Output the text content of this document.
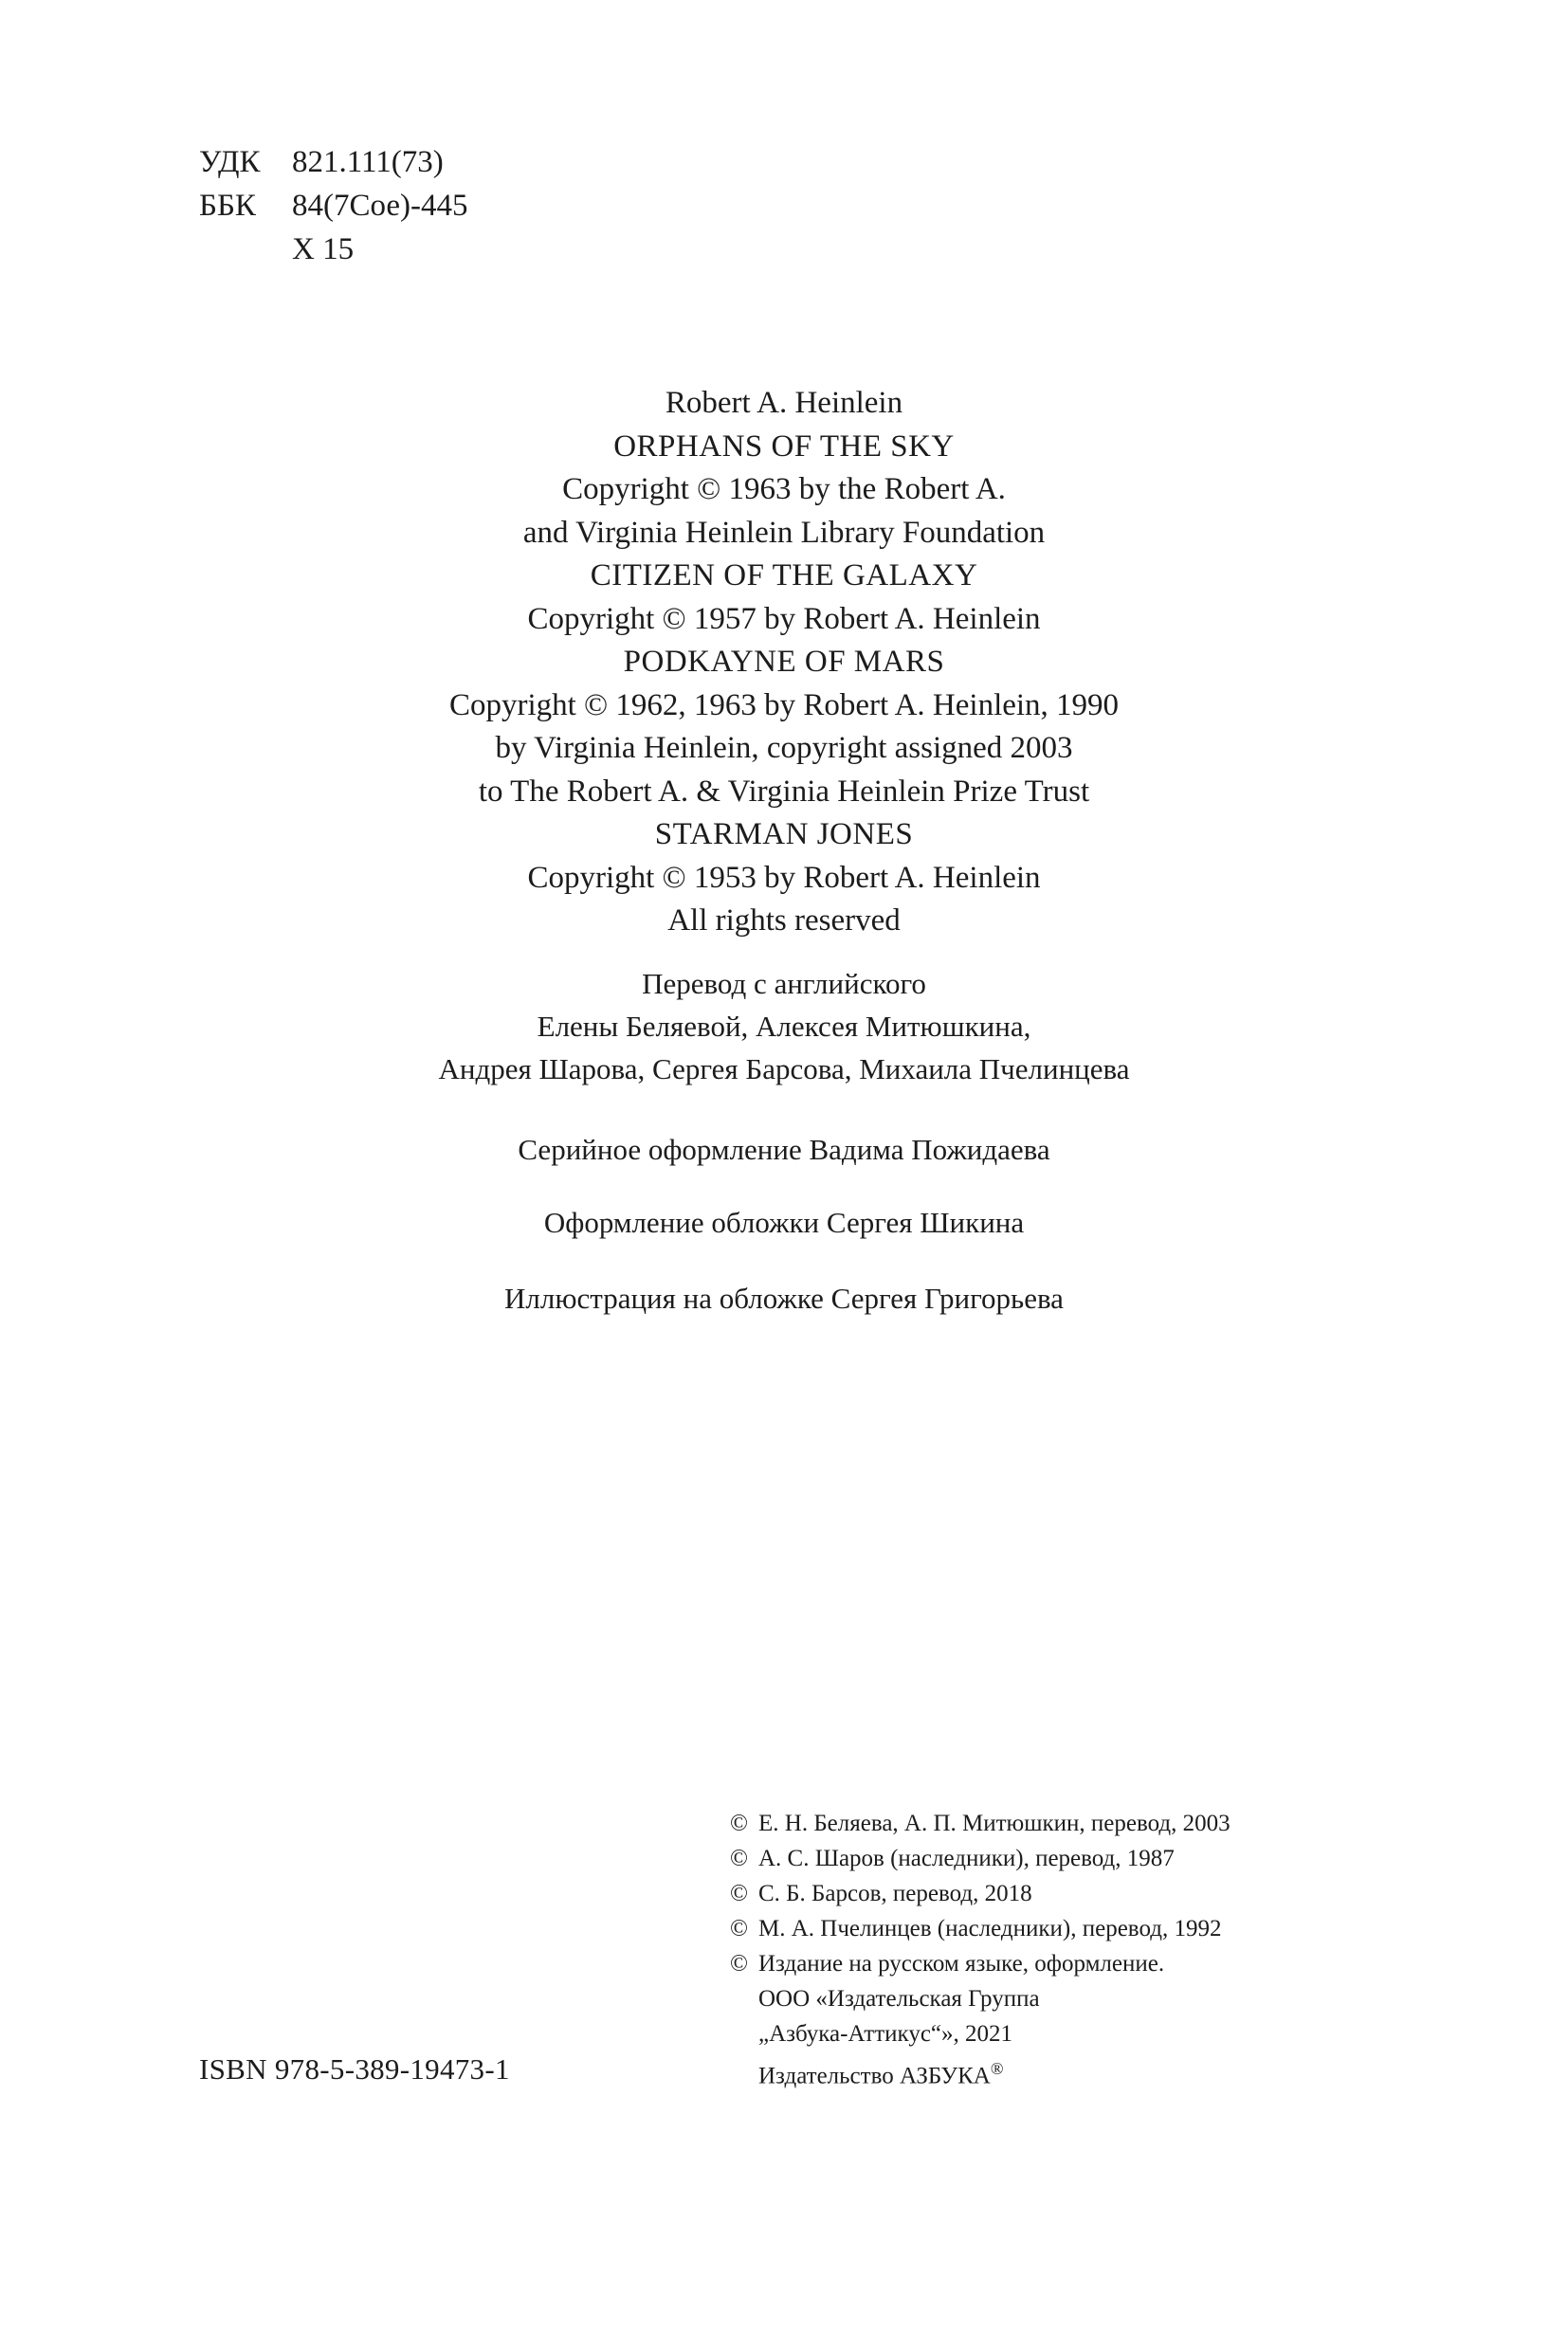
УДК 821.111(73)
ББК 84(7Сое)-445
Х 15
Robert A. Heinlein
ORPHANS OF THE SKY
Copyright © 1963 by the Robert A.
and Virginia Heinlein Library Foundation
CITIZEN OF THE GALAXY
Copyright © 1957 by Robert A. Heinlein
PODKAYNE OF MARS
Copyright © 1962, 1963 by Robert A. Heinlein, 1990
by Virginia Heinlein, copyright assigned 2003
to The Robert A. & Virginia Heinlein Prize Trust
STARMAN JONES
Copyright © 1953 by Robert A. Heinlein
All rights reserved
Перевод с английского
Елены Беляевой, Алексея Митюшкина,
Андрея Шарова, Сергея Барсова, Михаила Пчелинцева
Серийное оформление Вадима Пожидаева
Оформление обложки Сергея Шикина
Иллюстрация на обложке Сергея Григорьева
© Е. Н. Беляева, А. П. Митюшкин, перевод, 2003
© А. С. Шаров (наследники), перевод, 1987
© С. Б. Барсов, перевод, 2018
© М. А. Пчелинцев (наследники), перевод, 1992
© Издание на русском языке, оформление.
ООО «Издательская Группа
„Азбука-Аттикус“», 2021
Издательство АЗБУКА®
ISBN 978-5-389-19473-1
